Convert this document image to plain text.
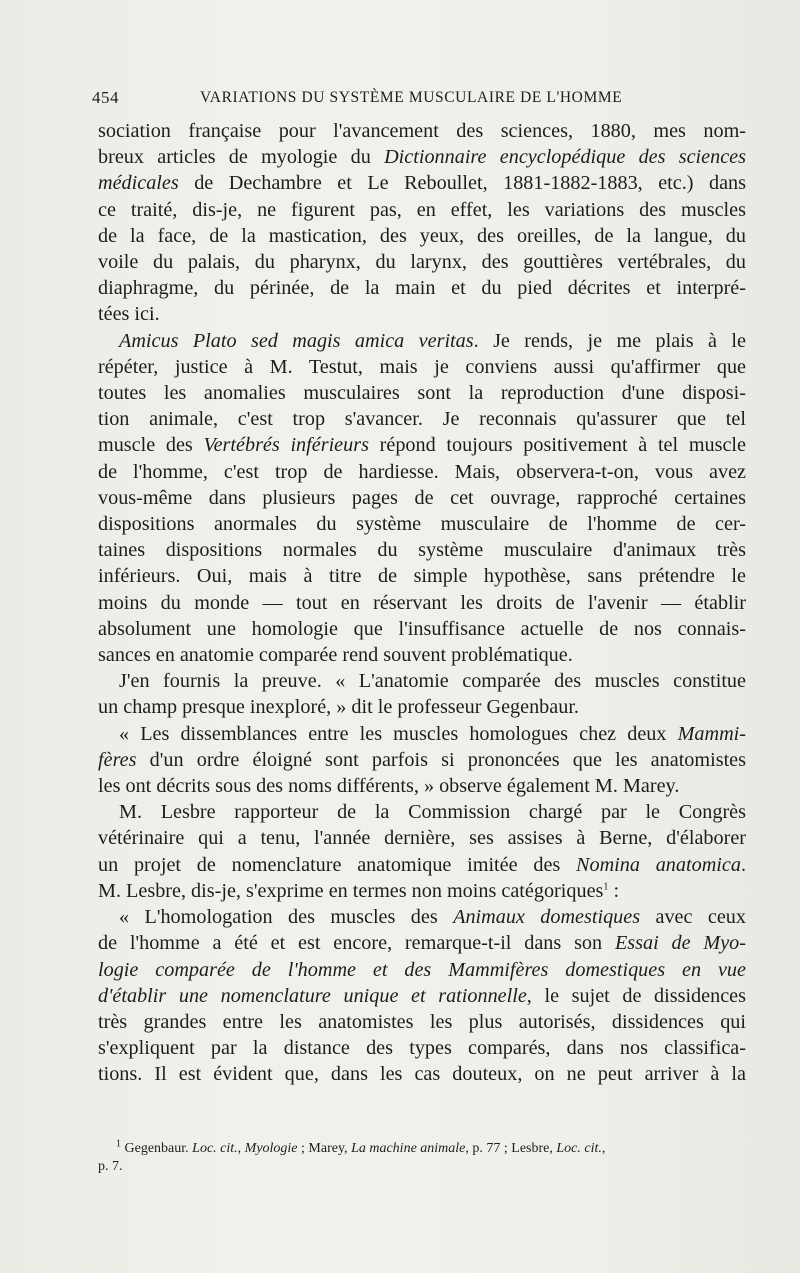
454	VARIATIONS DU SYSTÈME MUSCULAIRE DE L'HOMME

sociation française pour l'avancement des sciences, 1880, mes nom-

breux articles de myologie du Dictionnaire encyclopédique des sciences

médicales de Dechambre et Le Reboullet, 1881-1882-1883, etc.) dans

ce traité, dis-je, ne figurent pas, en effet, les variations des muscles

de la face, de la mastication, des yeux, des oreilles, de la langue, du

voile du palais, du pharynx, du larynx, des gouttières vertébrales, du

diaphragme, du périnée, de la main et du pied décrites et interpré-

tées ici.

Amicus Plato sed magis amica veritas. Je rends, je me plais à le

répéter, justice à M. Testut, mais je conviens aussi qu'affirmer que

toutes les anomalies musculaires sont la reproduction d'une disposi-

tion animale, c'est trop s'avancer. Je reconnais qu'assurer que tel

muscle des Vertébrés inférieurs répond toujours positivement à tel muscle

de l'homme, c'est trop de hardiesse. Mais, observera-t-on, vous avez

vous-même dans plusieurs pages de cet ouvrage, rapproché certaines

dispositions anormales du système musculaire de l'homme de cer-

taines dispositions normales du système musculaire d'animaux très

inférieurs. Oui, mais à titre de simple hypothèse, sans prétendre le

moins du monde — tout en réservant les droits de l'avenir — établir

absolument une homologie que l'insuffisance actuelle de nos connais-

sances en anatomie comparée rend souvent problématique.

J'en fournis la preuve. « L'anatomie comparée des muscles constitue

un champ presque inexploré, » dit le professeur Gegenbaur.

« Les dissemblances entre les muscles homologues chez deux Mammi-

fères d'un ordre éloigné sont parfois si prononcées que les anatomistes

les ont décrits sous des noms différents, » observe également M. Marey.

M. Lesbre rapporteur de la Commission chargé par le Congrès

vétérinaire qui a tenu, l'année dernière, ses assises à Berne, d'élaborer

un projet de nomenclature anatomique imitée des Nomina anatomica.

M. Lesbre, dis-je, s'exprime en termes non moins catégoriques$^1$ :

« L'homologation des muscles des Animaux domestiques avec ceux

de l'homme a été et est encore, remarque-t-il dans son Essai de Myo-

logie comparée de l'homme et des Mammifères domestiques en vue

d'établir une nomenclature unique et rationnelle, le sujet de dissidences

très grandes entre les anatomistes les plus autorisés, dissidences qui

s'expliquent par la distance des types comparés, dans nos classifica-

tions. Il est évident que, dans les cas douteux, on ne peut arriver à la

$^1$ Gegenbaur. Loc. cit., Myologie ; Marey, La machine animale, p. 77 ; Lesbre, Loc. cit.,

p. 7.
